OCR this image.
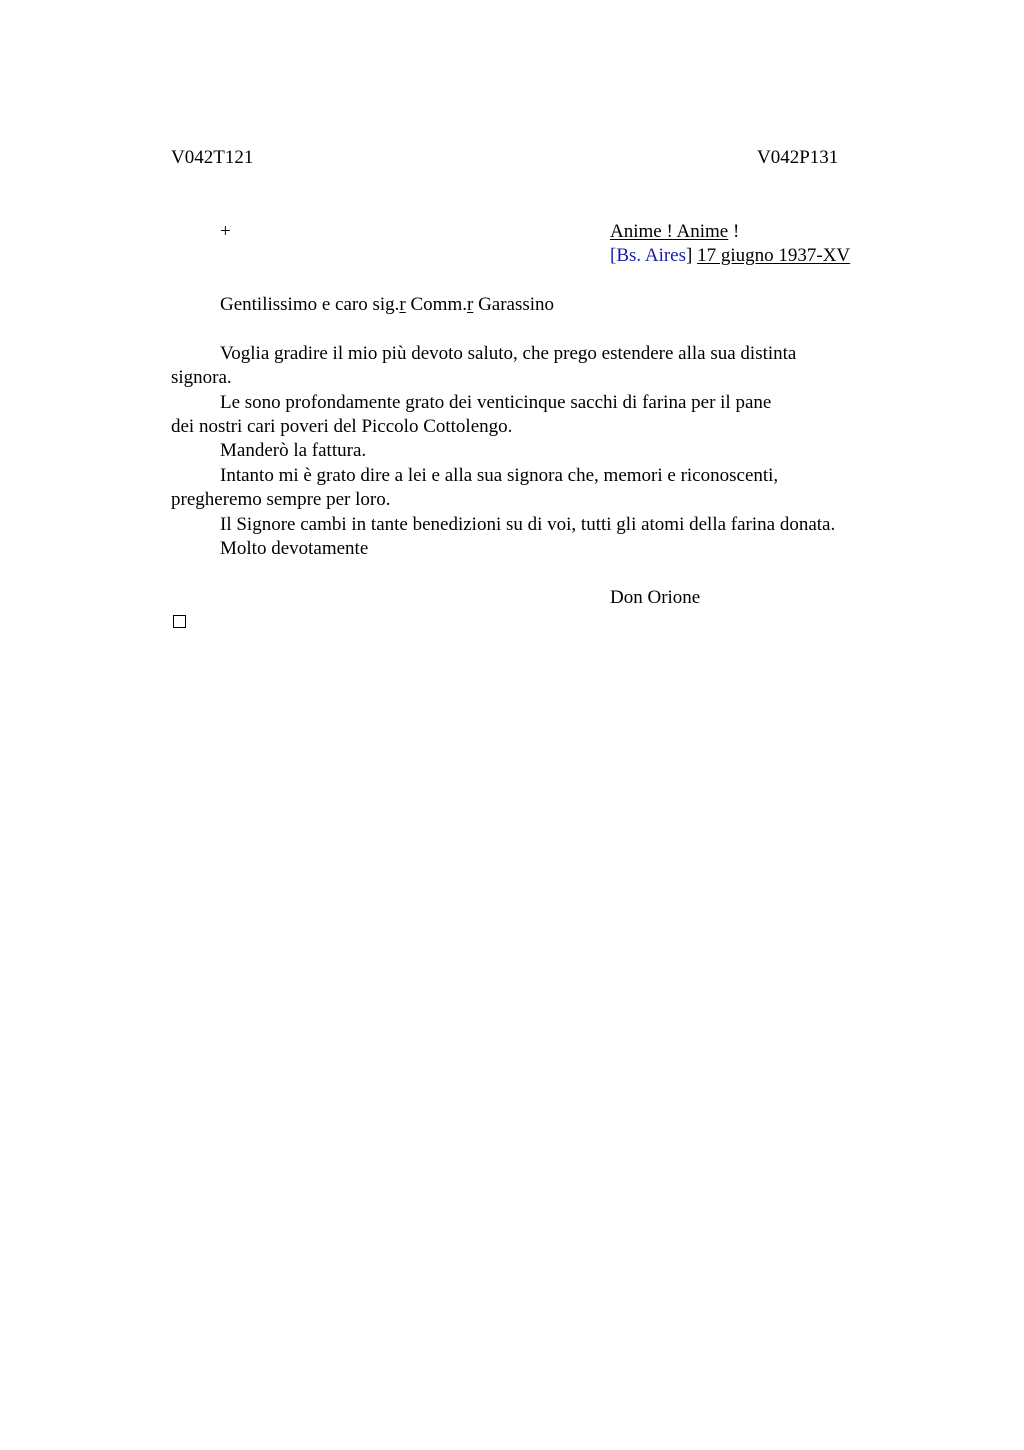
V042T121	V042P131
+	Anime ! Anime !
[Bs. Aires] 17 giugno 1937-XV
Gentilissimo e caro sig.r Comm.r Garassino
Voglia gradire il mio più devoto saluto, che prego estendere alla sua distinta
signora.
Le sono profondamente grato dei venticinque sacchi di farina per il pane
dei nostri cari poveri del Piccolo Cottolengo.
Manderò la fattura.
Intanto mi è grato dire a lei e alla sua signora che, memori e riconoscenti,
pregheremo sempre per loro.
Il Signore cambi in tante benedizioni su di voi, tutti gli atomi della farina donata.
Molto devotamente
Don Orione
